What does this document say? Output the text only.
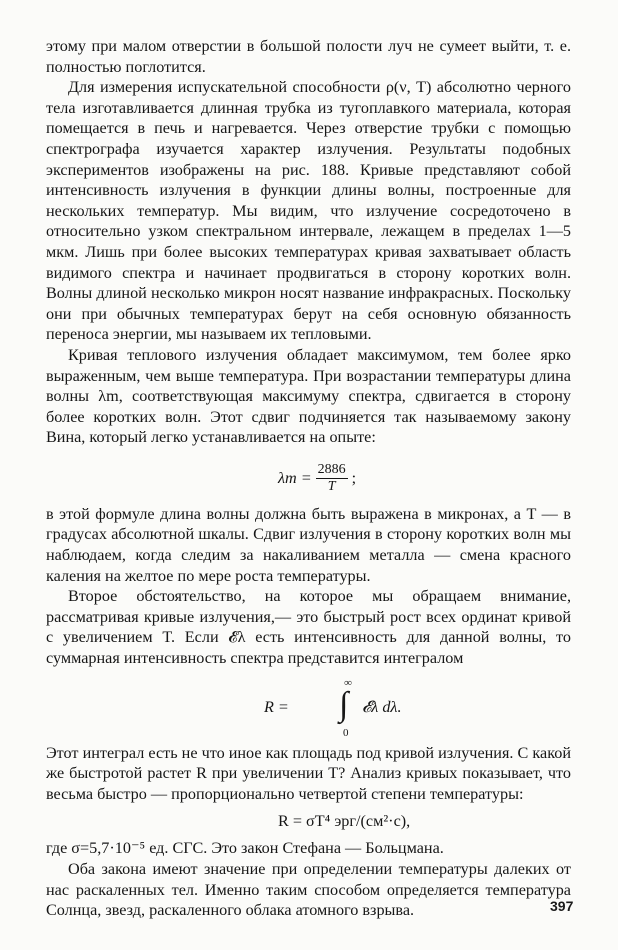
этому при малом отверстии в большой полости луч не сумеет выйти, т. е. полностью поглотится.

Для измерения испускательной способности ρ(ν, T) абсолютно черного тела изготавливается длинная трубка из тугоплавкого материала, которая помещается в печь и нагревается. Через отверстие трубки с помощью спектрографа изучается характер излучения. Результаты подобных экспериментов изображены на рис. 188. Кривые представляют собой интенсивность излучения в функции длины волны, построенные для нескольких температур. Мы видим, что излучение сосредоточено в относительно узком спектральном интервале, лежащем в пределах 1—5 мкм. Лишь при более высоких температурах кривая захватывает область видимого спектра и начинает продвигаться в сторону коротких волн. Волны длиной несколько микрон носят название инфракрасных. Поскольку они при обычных температурах берут на себя основную обязанность переноса энергии, мы называем их тепловыми.

Кривая теплового излучения обладает максимумом, тем более ярко выраженным, чем выше температура. При возрастании температуры длина волны λm, соответствующая максимуму спектра, сдвигается в сторону более коротких волн. Этот сдвиг подчиняется так называемому закону Вина, который легко устанавливается на опыте:

$\lambda m = \frac{2886}{T}$ ;

в этой формуле длина волны должна быть выражена в микронах, а T — в градусах абсолютной шкалы. Сдвиг излучения в сторону коротких волн мы наблюдаем, когда следим за накаливанием металла — смена красного каления на желтое по мере роста температуры.

Второе обстоятельство, на которое мы обращаем внимание, рассматривая кривые излучения,— это быстрый рост всех ординат кривой с увеличением T. Если 𝓔λ есть интенсивность для данной волны, то суммарная интенсивность спектра представится интегралом

R =
∞
∫
0
𝓔λ dλ.

Этот интеграл есть не что иное как площадь под кривой излучения. С какой же быстротой растет R при увеличении T? Анализ кривых показывает, что весьма быстро — пропорционально четвертой степени температуры:

R = σT⁴ эрг/(см²·с),

где σ=5,7·10⁻⁵ ед. СГС. Это закон Стефана — Больцмана.

Оба закона имеют значение при определении температуры далеких от нас раскаленных тел. Именно таким способом определяется температура Солнца, звезд, раскаленного облака атомного взрыва.	397
